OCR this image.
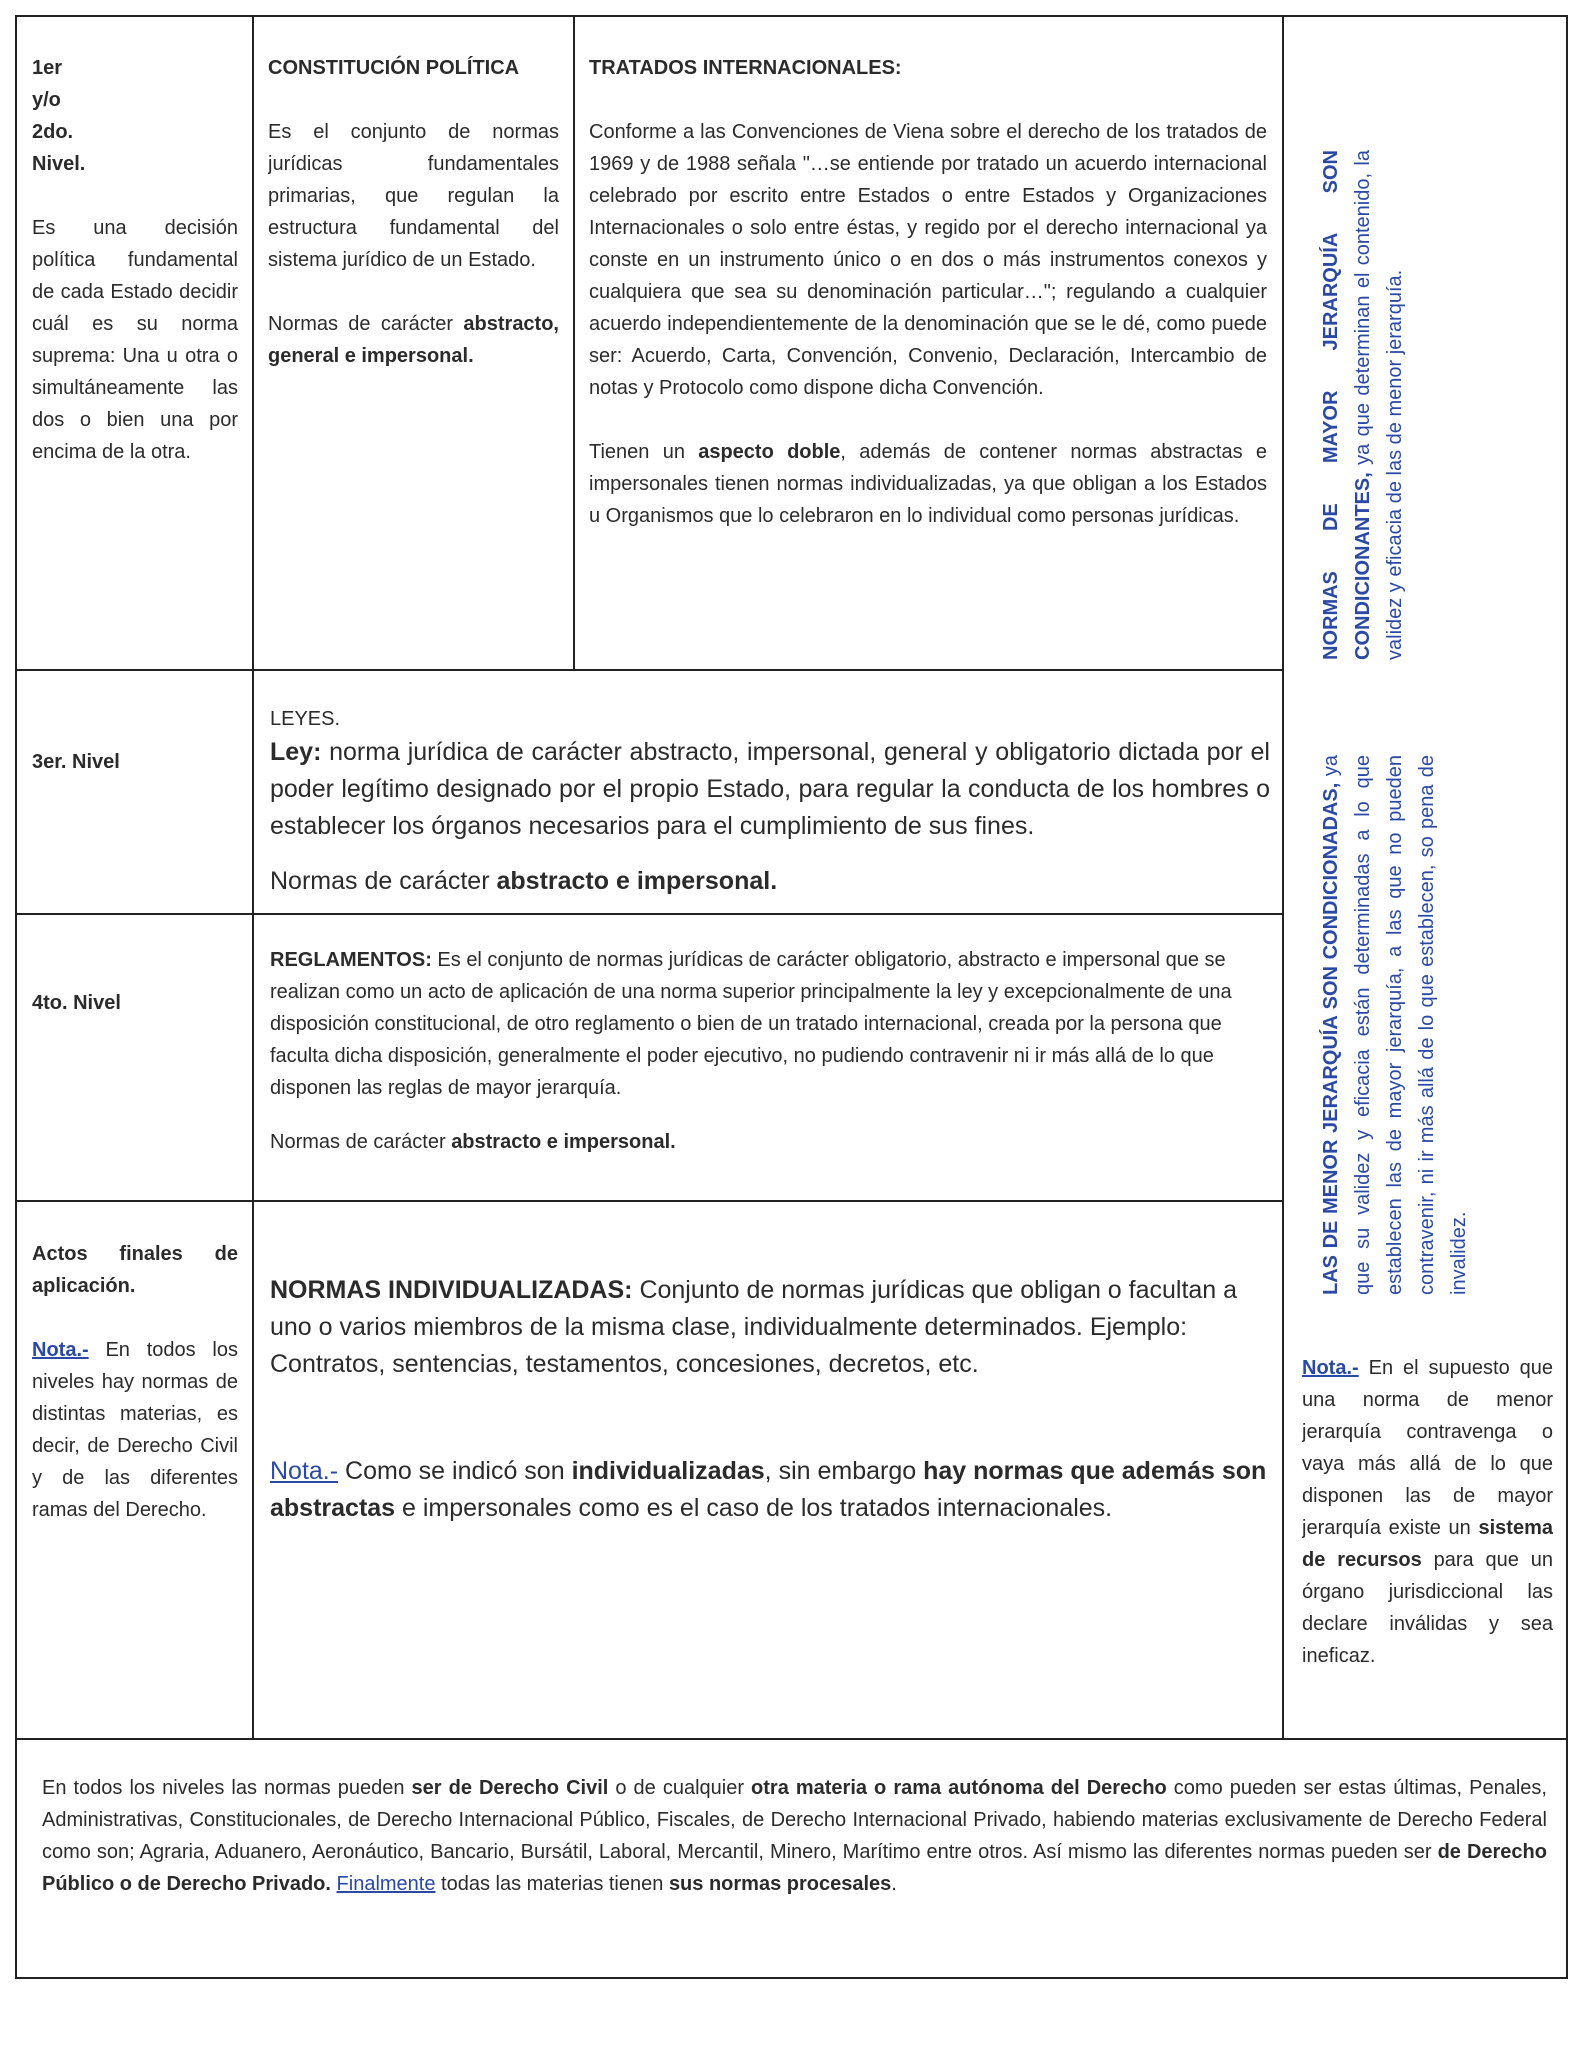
1er

y/o

2do.

Nivel.

Es una decisión política fundamental de cada Estado decidir cuál es su norma suprema: Una u otra o simultáneamente las dos o bien una por encima de la otra.

CONSTITUCIÓN POLÍTICA

Es el conjunto de normas jurídicas fundamentales primarias, que regulan la estructura fundamental del sistema jurídico de un Estado.

Normas de carácter abstracto, general e impersonal.

TRATADOS INTERNACIONALES:

Conforme a las Convenciones de Viena sobre el derecho de los tratados de 1969 y de 1988 señala "…se entiende por tratado un acuerdo internacional celebrado por escrito entre Estados o entre Estados y Organizaciones Internacionales o solo entre éstas, y regido por el derecho internacional ya conste en un instrumento único o en dos o más instrumentos conexos y cualquiera que sea su denominación particular…"; regulando a cualquier acuerdo independientemente de la denominación que se le dé, como puede ser: Acuerdo, Carta, Convención, Convenio, Declaración, Intercambio de notas y Protocolo como dispone dicha Convención.

Tienen un aspecto doble, además de contener normas abstractas e impersonales tienen normas individualizadas, ya que obligan a los Estados u Organismos que lo celebraron en lo individual como personas jurídicas.	NORMAS DE MAYOR JERARQUÍA SON CONDICIONANTES, ya que determinan el contenido, la validez y eficacia de las de menor jerarquía.
LAS DE MENOR JERARQUÍA SON CONDICIONADAS, ya que su validez y eficacia están determinadas a lo que establecen las de mayor jerarquía, a las que no pueden contravenir, ni ir más allá de lo que establecen, so pena de invalidez.

Nota.- En el supuesto que una norma de menor jerarquía contravenga o vaya más allá de lo que disponen las de mayor jerarquía existe un sistema de recursos para que un órgano jurisdiccional las declare inválidas y sea ineficaz.

3er. Nivel

LEYES.

Ley: norma jurídica de carácter abstracto, impersonal, general y obligatorio dictada por el poder legítimo designado por el propio Estado, para regular la conducta de los hombres o establecer los órganos necesarios para el cumplimiento de sus fines.

Normas de carácter abstracto e impersonal.

4to. Nivel

REGLAMENTOS: Es el conjunto de normas jurídicas de carácter obligatorio, abstracto e impersonal que se realizan como un acto de aplicación de una norma superior principalmente la ley y excepcionalmente de una disposición constitucional, de otro reglamento o bien de un tratado internacional, creada por la persona que faculta dicha disposición, generalmente el poder ejecutivo, no pudiendo contravenir ni ir más allá de lo que disponen las reglas de mayor jerarquía.

Normas de carácter abstracto e impersonal.

Actos finales de aplicación.

Nota.- En todos los niveles hay normas de distintas materias, es decir, de Derecho Civil y de las diferentes ramas del Derecho.

NORMAS INDIVIDUALIZADAS: Conjunto de normas jurídicas que obligan o facultan a uno o varios miembros de la misma clase, individualmente determinados. Ejemplo: Contratos, sentencias, testamentos, concesiones, decretos, etc.

Nota.- Como se indicó son individualizadas, sin embargo hay normas que además son abstractas e impersonales como es el caso de los tratados internacionales.

En todos los niveles las normas pueden ser de Derecho Civil o de cualquier otra materia o rama autónoma del Derecho como pueden ser estas últimas, Penales, Administrativas, Constitucionales, de Derecho Internacional Público, Fiscales, de Derecho Internacional Privado, habiendo materias exclusivamente de Derecho Federal como son; Agraria, Aduanero, Aeronáutico, Bancario, Bursátil, Laboral, Mercantil, Minero, Marítimo entre otros. Así mismo las diferentes normas pueden ser de Derecho Público o de Derecho Privado. Finalmente todas las materias tienen sus normas procesales.
